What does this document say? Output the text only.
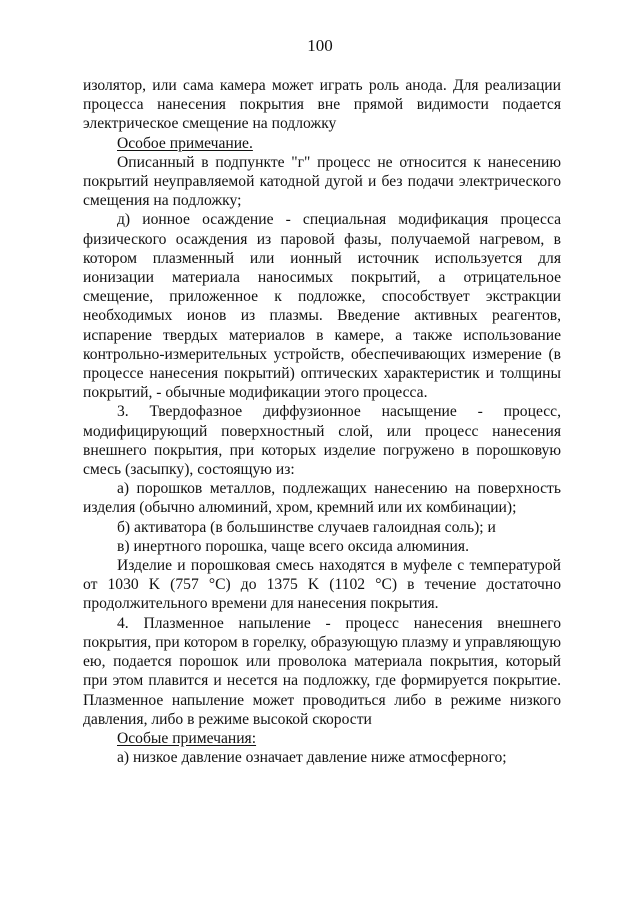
100

изолятор, или сама камера может играть роль анода. Для реализации процесса нанесения покрытия вне прямой видимости подается электрическое смещение на подложку

Особое примечание.

Описанный в подпункте "г" процесс не относится к нанесению покрытий неуправляемой катодной дугой и без подачи электрического смещения на подложку;

д) ионное осаждение - специальная модификация процесса физического осаждения из паровой фазы, получаемой нагревом, в котором плазменный или ионный источник используется для ионизации материала наносимых покрытий, а отрицательное смещение, приложенное к подложке, способствует экстракции необходимых ионов из плазмы. Введение активных реагентов, испарение твердых материалов в камере, а также использование контрольно-измерительных устройств, обеспечивающих измерение (в процессе нанесения покрытий) оптических характеристик и толщины покрытий, - обычные модификации этого процесса.

3. Твердофазное диффузионное насыщение - процесс, модифицирующий поверхностный слой, или процесс нанесения внешнего покрытия, при которых изделие погружено в порошковую смесь (засыпку), состоящую из:

а) порошков металлов, подлежащих нанесению на поверхность изделия (обычно алюминий, хром, кремний или их комбинации);

б) активатора (в большинстве случаев галоидная соль); и

в) инертного порошка, чаще всего оксида алюминия.

Изделие и порошковая смесь находятся в муфеле с температурой от 1030 K (757 °С) до 1375 K (1102 °С) в течение достаточно продолжительного времени для нанесения покрытия.

4. Плазменное напыление - процесс нанесения внешнего покрытия, при котором в горелку, образующую плазму и управляющую ею, подается порошок или проволока материала покрытия, который при этом плавится и несется на подложку, где формируется покрытие. Плазменное напыление может проводиться либо в режиме низкого давления, либо в режиме высокой скорости

Особые примечания:

а) низкое давление означает давление ниже атмосферного;
